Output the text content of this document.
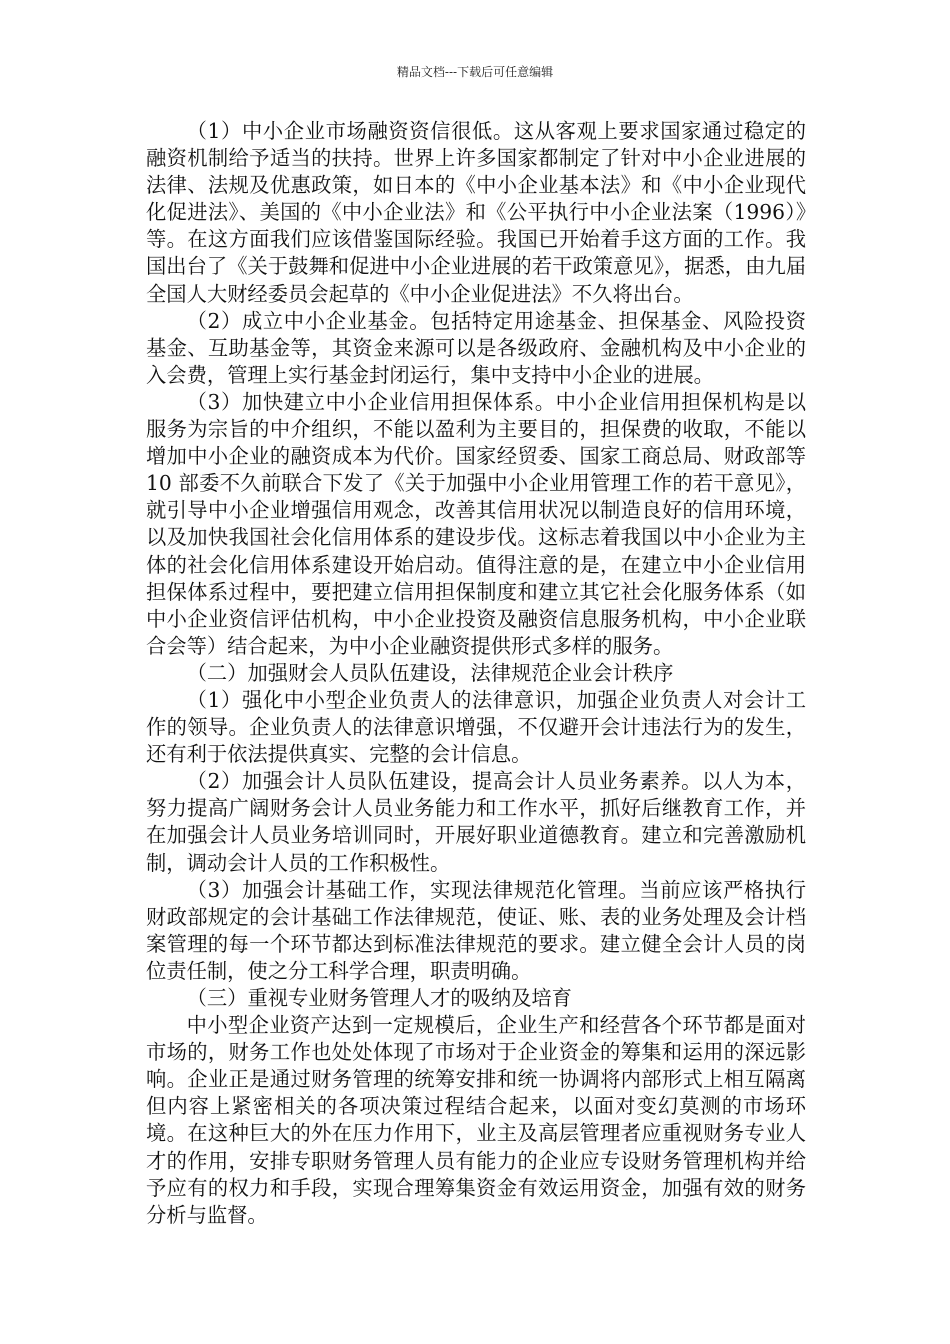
精品文档---下载后可任意编辑

（1）中小企业市场融资资信很低。这从客观上要求国家通过稳定的融资机制给予适当的扶持。世界上许多国家都制定了针对中小企业进展的法律、法规及优惠政策，如日本的《中小企业基本法》和《中小企业现代化促进法》、美国的《中小企业法》和《公平执行中小企业法案（1996）》等。在这方面我们应该借鉴国际经验。我国已开始着手这方面的工作。我国出台了《关于鼓舞和促进中小企业进展的若干政策意见》，据悉，由九届全国人大财经委员会起草的《中小企业促进法》不久将出台。

（2）成立中小企业基金。包括特定用途基金、担保基金、风险投资基金、互助基金等，其资金来源可以是各级政府、金融机构及中小企业的入会费，管理上实行基金封闭运行，集中支持中小企业的进展。

（3）加快建立中小企业信用担保体系。中小企业信用担保机构是以服务为宗旨的中介组织，不能以盈利为主要目的，担保费的收取，不能以增加中小企业的融资成本为代价。国家经贸委、国家工商总局、财政部等10 部委不久前联合下发了《关于加强中小企业用管理工作的若干意见》，就引导中小企业增强信用观念，改善其信用状况以制造良好的信用环境，以及加快我国社会化信用体系的建设步伐。这标志着我国以中小企业为主体的社会化信用体系建设开始启动。值得注意的是，在建立中小企业信用担保体系过程中，要把建立信用担保制度和建立其它社会化服务体系（如中小企业资信评估机构，中小企业投资及融资信息服务机构，中小企业联合会等）结合起来，为中小企业融资提供形式多样的服务。

（二）加强财会人员队伍建设，法律规范企业会计秩序

（1）强化中小型企业负责人的法律意识，加强企业负责人对会计工作的领导。企业负责人的法律意识增强，不仅避开会计违法行为的发生，还有利于依法提供真实、完整的会计信息。

（2）加强会计人员队伍建设，提高会计人员业务素养。以人为本，努力提高广阔财务会计人员业务能力和工作水平，抓好后继教育工作，并在加强会计人员业务培训同时，开展好职业道德教育。建立和完善激励机制，调动会计人员的工作积极性。

（3）加强会计基础工作，实现法律规范化管理。当前应该严格执行财政部规定的会计基础工作法律规范，使证、账、表的业务处理及会计档案管理的每一个环节都达到标准法律规范的要求。建立健全会计人员的岗位责任制，使之分工科学合理，职责明确。

（三）重视专业财务管理人才的吸纳及培育

中小型企业资产达到一定规模后，企业生产和经营各个环节都是面对市场的，财务工作也处处体现了市场对于企业资金的筹集和运用的深远影响。企业正是通过财务管理的统筹安排和统一协调将内部形式上相互隔离但内容上紧密相关的各项决策过程结合起来，以面对变幻莫测的市场环境。在这种巨大的外在压力作用下，业主及高层管理者应重视财务专业人才的作用，安排专职财务管理人员有能力的企业应专设财务管理机构并给予应有的权力和手段，实现合理筹集资金有效运用资金，加强有效的财务分析与监督。
